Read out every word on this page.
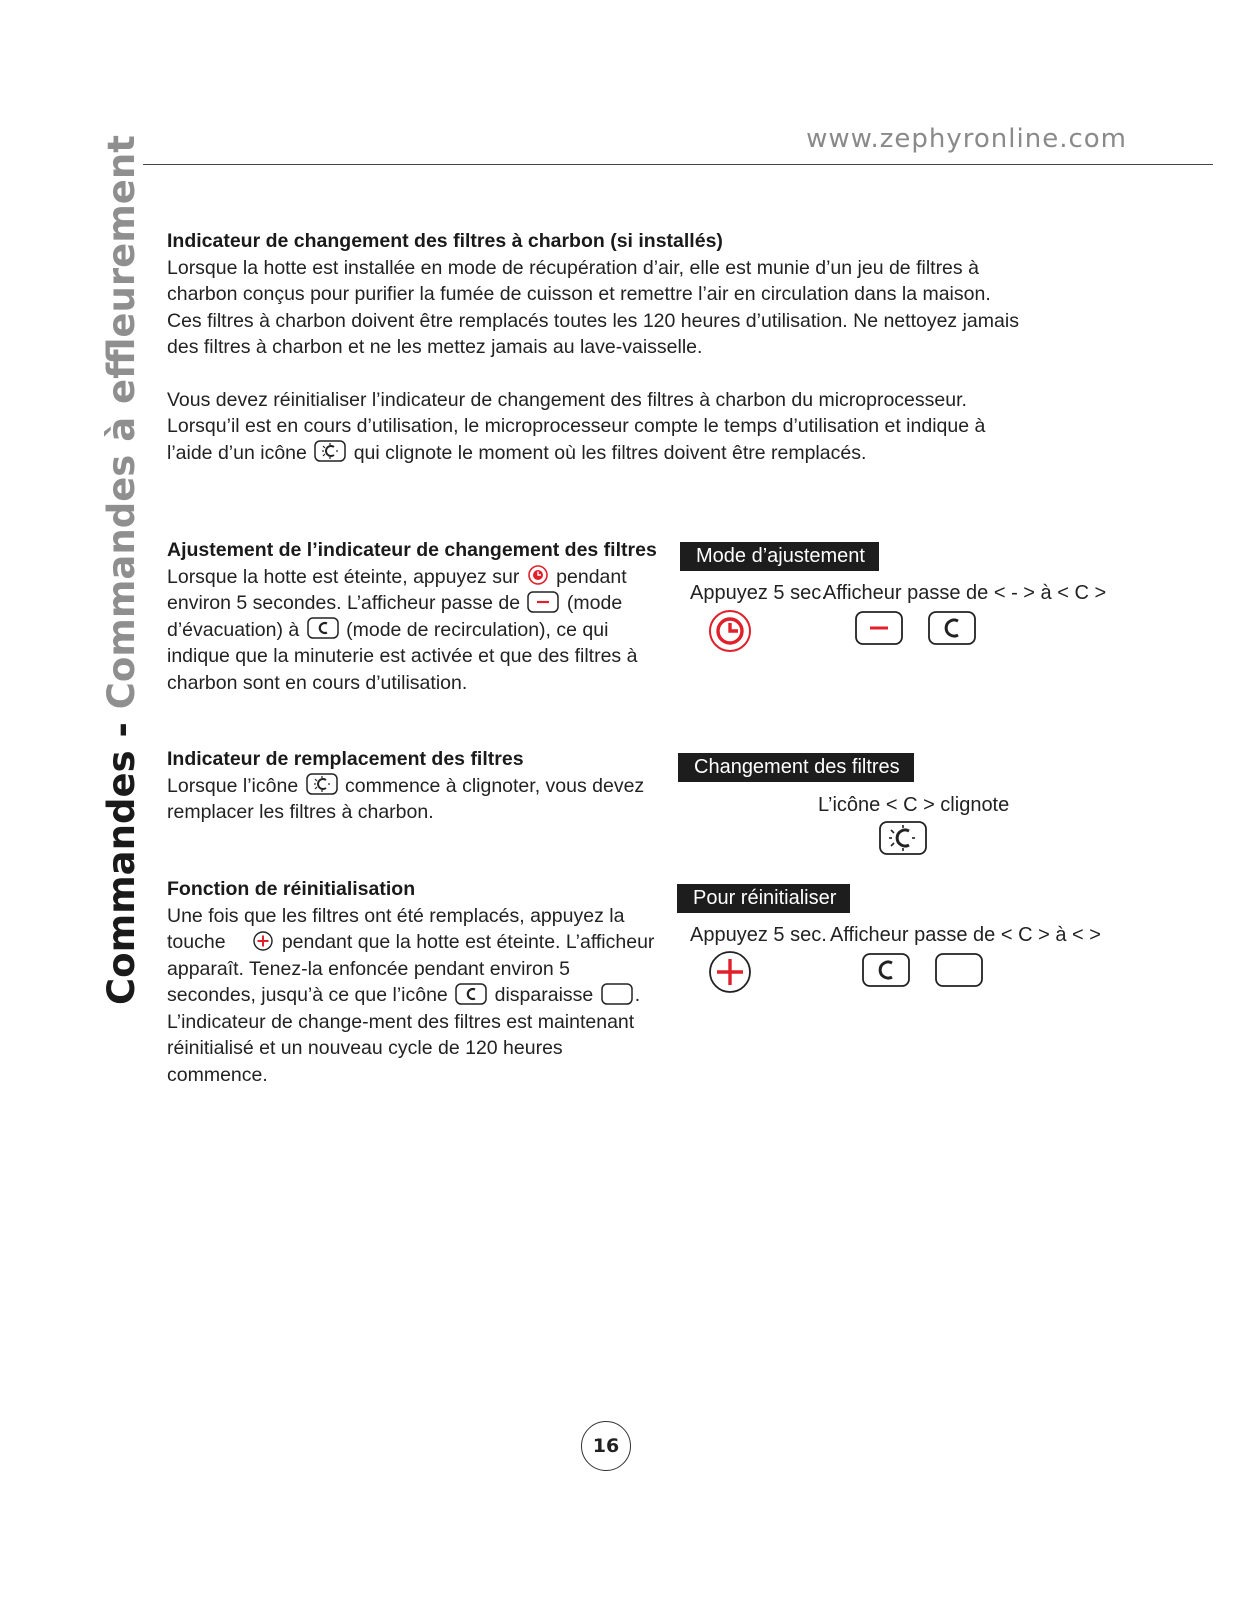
www.zephyronline.com
Commandes - Commandes à effleurement Indicateur de changement des filtres à charbon (si installés)

Lorsque la hotte est installée en mode de récupération d’air, elle est munie d’un jeu de filtres à charbon conçus pour purifier la fumée de cuisson et remettre l’air en circulation dans la maison. Ces filtres à charbon doivent être remplacés toutes les 120 heures d’utilisation. Ne nettoyez jamais des filtres à charbon et ne les mettez jamais au lave-vaisselle.

Vous devez réinitialiser l’indicateur de changement des filtres à charbon du microprocesseur. Lorsqu’il est en cours d’utilisation, le microprocesseur compte le temps d’utilisation et indique à l’aide d’un icône qui clignote le moment où les filtres doivent être remplacés.

Ajustement de l’indicateur de changement des filtres

Lorsque la hotte est éteinte, appuyez sur pendant environ 5 secondes. L’afficheur passe de (mode d’évacuation) à (mode de recirculation), ce qui indique que la minuterie est activée et que des filtres à charbon sont en cours d’utilisation.

Mode d’ajustement
Appuyez 5 sec.
Afficheur passe de < - > à < C >
Indicateur de remplacement des filtres

Lorsque l’icône commence à clignoter, vous devez remplacer les filtres à charbon.

Changement des filtres
L’icône < C > clignote
Fonction de réinitialisation

Une fois que les filtres ont été remplacés, appuyez la touche	pendant que la hotte est éteinte. L’afficheur apparaît. Tenez-la enfoncée pendant environ 5 secondes, jusqu’à ce que l’icône disparaisse . L’indicateur de change-ment des filtres est maintenant réinitialisé et un nouveau cycle de 120 heures commence.

Pour réinitialiser
Appuyez 5 sec. Afficheur passe de < C > à < >
16
